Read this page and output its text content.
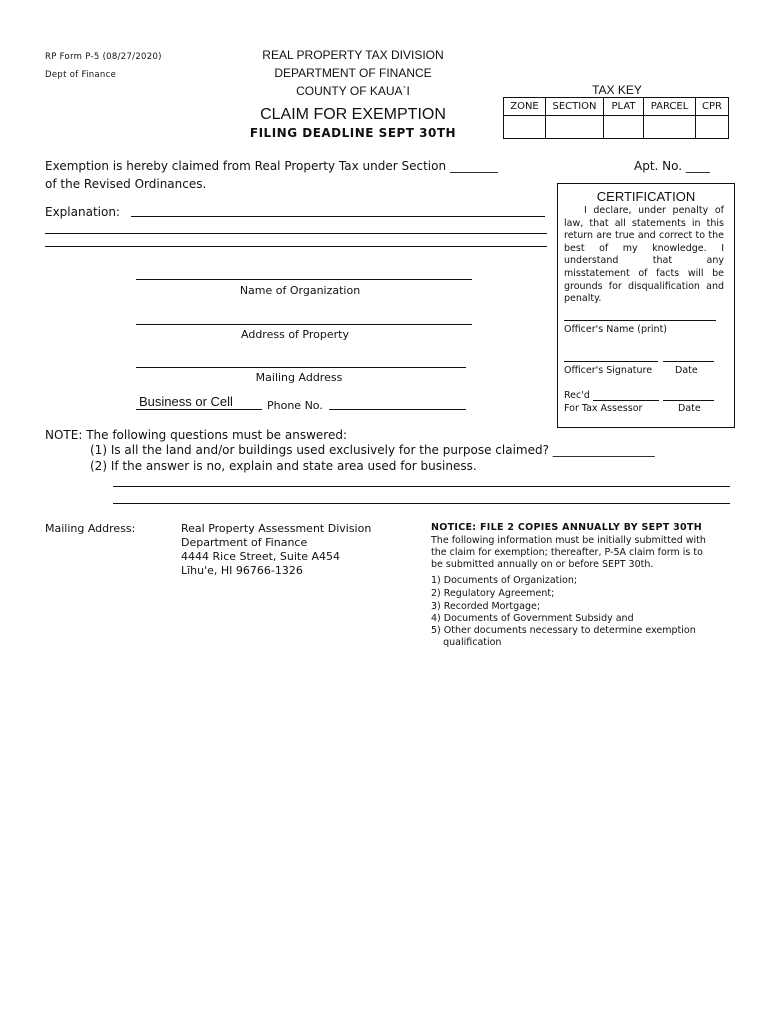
RP Form P-5 (08/27/2020)
Dept of Finance
REAL PROPERTY TAX DIVISION
DEPARTMENT OF FINANCE
COUNTY OF KAUA`I
CLAIM FOR EXEMPTION
FILING DEADLINE SEPT 30TH
TAX KEY
ZONE	SECTION	PLAT	PARCEL	CPR

Exemption is hereby claimed from Real Property Tax under Section ________
of the Revised Ordinances.
Apt. No. ____
Explanation:
Name of Organization
Address of Property
Mailing Address
Business or Cell	Phone No.
CERTIFICATION
I declare, under penalty of law, that all statements in this return are true and correct to the best of my knowledge. I understand that any misstatement of facts will be grounds for disqualification and penalty.
Officer's Name (print)
Officer's Signature Date
Rec'd
For Tax Assessor	Date
NOTE: The following questions must be answered:
(1) Is all the land and/or buildings used exclusively for the purpose claimed? _________________
(2) If the answer is no, explain and state area used for business.
Mailing Address:	Real Property Assessment Division
Department of Finance
4444 Rice Street, Suite A454
Līhu'e, HI 96766-1326
NOTICE: FILE 2 COPIES ANNUALLY BY SEPT 30TH
The following information must be initially submitted with
the claim for exemption; thereafter, P-5A claim form is to
be submitted annually on or before SEPT 30th.
1) Documents of Organization;
2) Regulatory Agreement;
3) Recorded Mortgage;
4) Documents of Government Subsidy and
5) Other documents necessary to determine exemption
qualification
